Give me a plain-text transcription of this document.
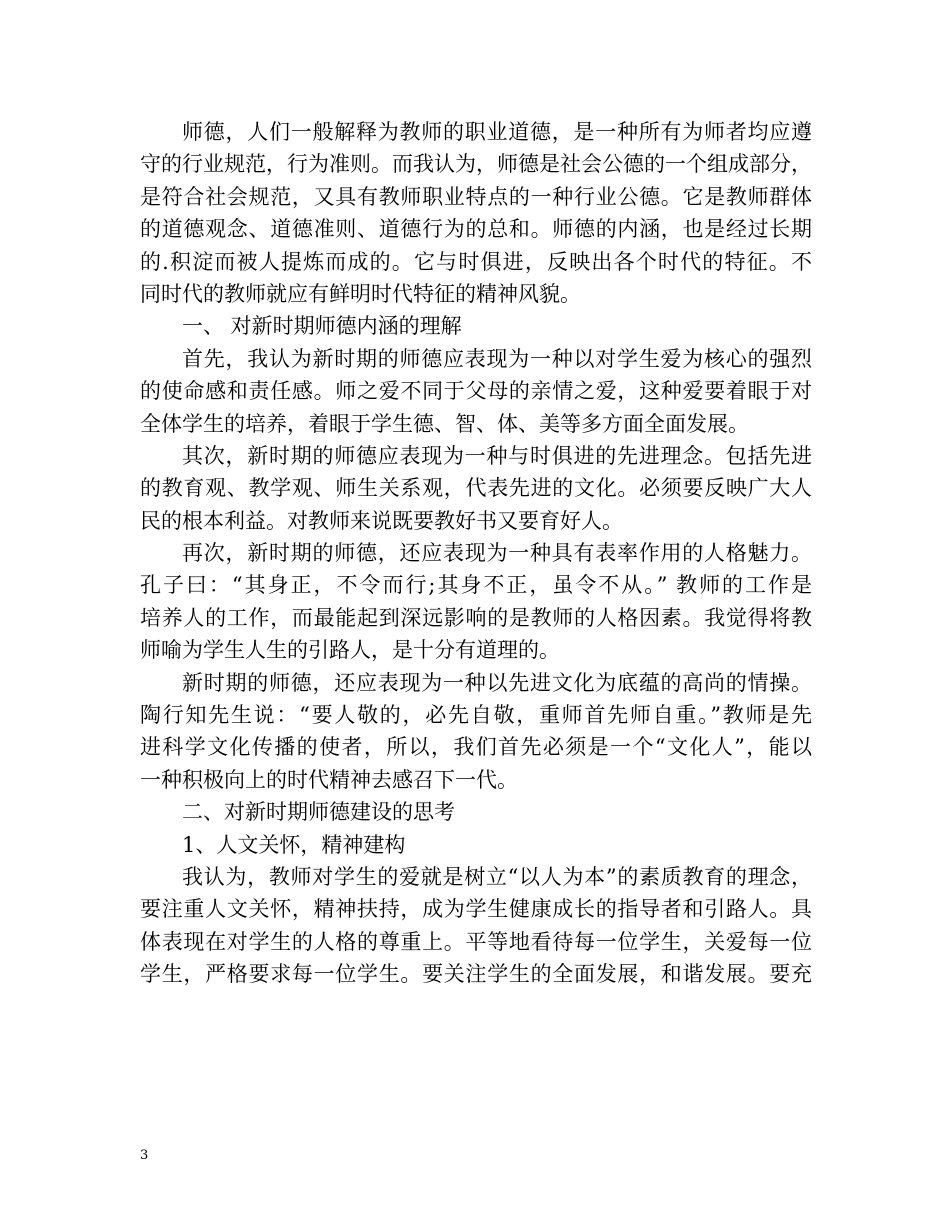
师德，人们一般解释为教师的职业道德，是一种所有为师者均应遵
守的行业规范，行为准则。而我认为，师德是社会公德的一个组成部分，
是符合社会规范，又具有教师职业特点的一种行业公德。它是教师群体
的道德观念、道德准则、道德行为的总和。师德的内涵，也是经过长期
的.积淀而被人提炼而成的。它与时俱进，反映出各个时代的特征。不
同时代的教师就应有鲜明时代特征的精神风貌。
一、 对新时期师德内涵的理解
首先，我认为新时期的师德应表现为一种以对学生爱为核心的强烈
的使命感和责任感。师之爱不同于父母的亲情之爱，这种爱要着眼于对
全体学生的培养，着眼于学生德、智、体、美等多方面全面发展。
其次，新时期的师德应表现为一种与时俱进的先进理念。包括先进
的教育观、教学观、师生关系观，代表先进的文化。必须要反映广大人
民的根本利益。对教师来说既要教好书又要育好人。
再次，新时期的师德，还应表现为一种具有表率作用的人格魅力。
孔子曰：“其身正，不令而行;其身不正，虽令不从。” 教师的工作是
培养人的工作，而最能起到深远影响的是教师的人格因素。我觉得将教
师喻为学生人生的引路人，是十分有道理的。
新时期的师德，还应表现为一种以先进文化为底蕴的高尚的情操。
陶行知先生说：“要人敬的，必先自敬，重师首先师自重。”教师是先
进科学文化传播的使者，所以，我们首先必须是一个“文化人”，能以
一种积极向上的时代精神去感召下一代。
二、对新时期师德建设的思考
1、人文关怀，精神建构
我认为，教师对学生的爱就是树立“以人为本”的素质教育的理念，
要注重人文关怀，精神扶持，成为学生健康成长的指导者和引路人。具
体表现在对学生的人格的尊重上。平等地看待每一位学生，关爱每一位
学生，严格要求每一位学生。要关注学生的全面发展，和谐发展。要充
3
